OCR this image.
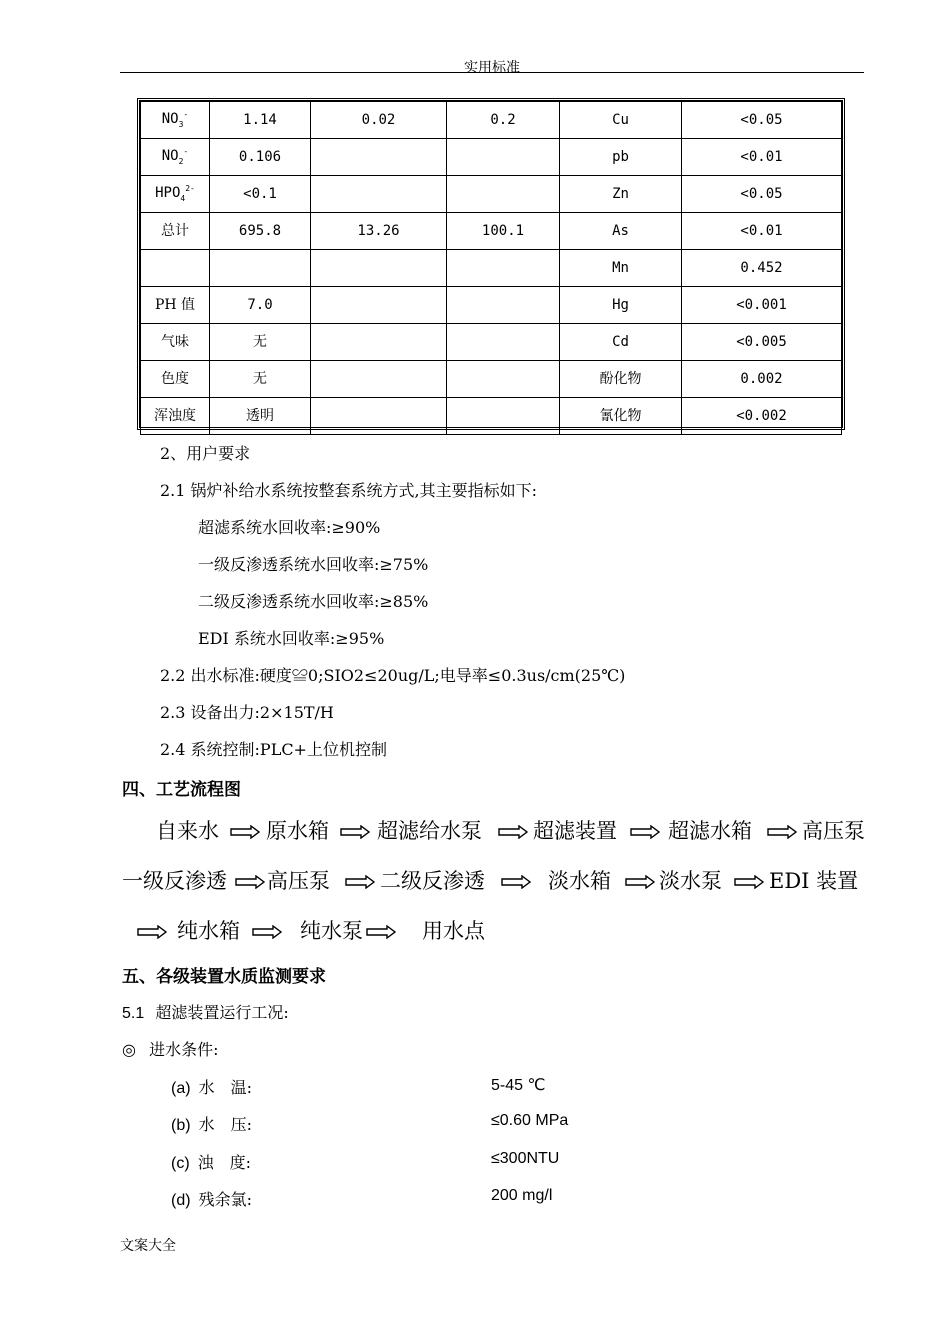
实用标准
$NO_3^-$	1.14	0.02	0.2	Cu	<0.05
$NO_2^-$	0.106			pb	<0.01
$HPO_4^{2-}$	<0.1			Zn	<0.05
总计	695.8	13.26	100.1	As	<0.01
				Mn	0.452
PH 值	7.0			Hg	<0.001
气味	无			Cd	<0.005
色度	无			酚化物	0.002
浑浊度	透明			氰化物	<0.002
2、用户要求
2.1 锅炉补给水系统按整套系统方式,其主要指标如下:
超滤系统水回收率:≥90%
一级反渗透系统水回收率:≥75%
二级反渗透系统水回收率:≥85%
EDI 系统水回收率:≥95%
2.2 出水标准:硬度≌0;SIO2≤20ug/L;电导率≤0.3us/cm(25℃)
2.3 设备出力:2×15T/H
2.4 系统控制:PLC+上位机控制
四、工艺流程图
自来水 原水箱 超滤给水泵 超滤装置 超滤水箱 高压泵
一级反渗透 高压泵 二级反渗透	淡水箱 淡水泵 EDI 装置
纯水箱	纯水泵	用水点
五、各级装置水质监测要求
5.1 超滤装置运行工况:
◎ 进水条件:
(a) 水　温:	5-45 ℃
(b) 水　压:	≤0.60 MPa
(c) 浊　度:	≤300NTU
(d) 残余氯:	200 mg/l
文案大全
